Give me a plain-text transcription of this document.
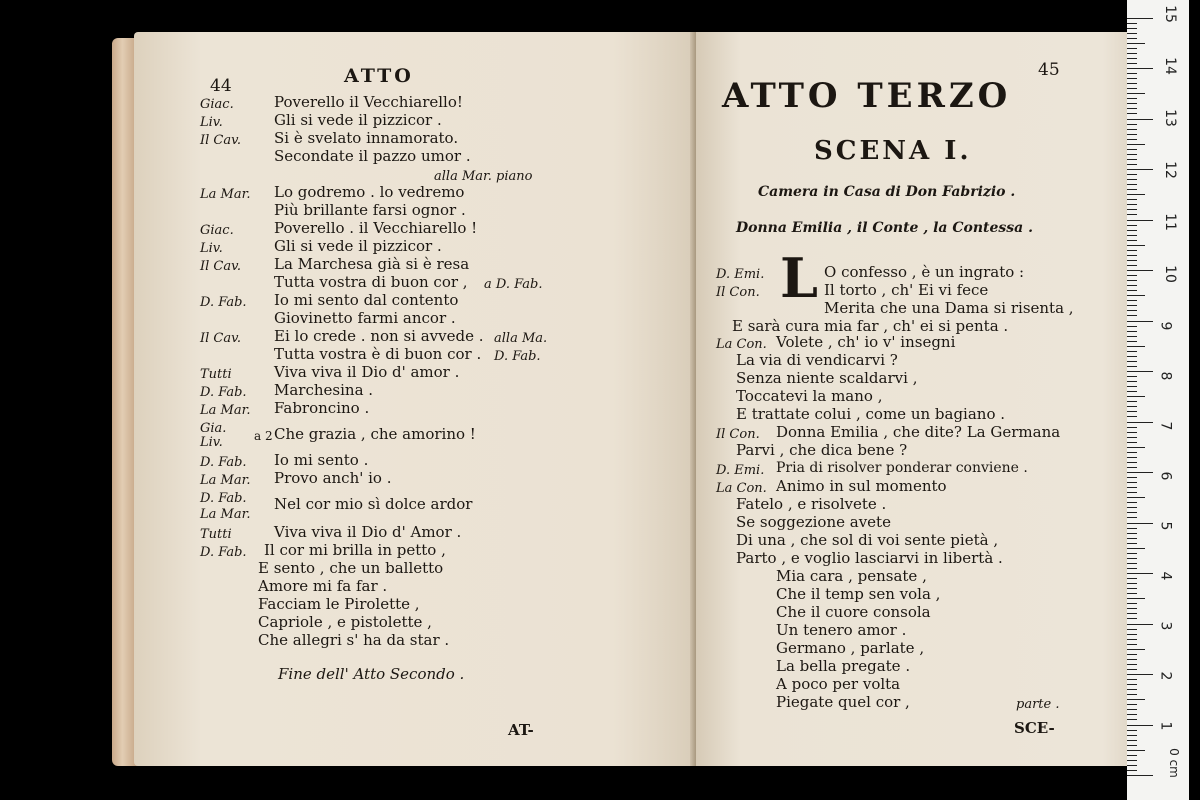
44	ATTO
Giac.	Poverello il Vecchiarello!
Liv.	Gli si vede il pizzicor .
Il Cav. Si è svelato innamorato.
Secondate il pazzo umor .
alla Mar. piano
La Mar. Lo godremo . lo vedremo
Più brillante farsi ognor .
Giac.	Poverello . il Vecchiarello !
Liv.	Gli si vede il pizzicor .
Il Cav. La Marchesa già si è resa
Tutta vostra di buon cor , a D. Fab.
D. Fab. Io mi sento dal contento
Giovinetto farmi ancor .
Il Cav. Ei lo crede . non si avvede . alla Ma.
Tutta vostra è di buon cor . D. Fab.
Tutti	Viva viva il Dio d' amor .
D. Fab. Marchesina .
La Mar. Fabroncino .
Gia.
Liv.	a 2 Che grazia , che amorino !
D. Fab. Io mi sento .
La Mar. Provo anch' io .
D. Fab.
La Mar.
Nel cor mio sì dolce ardor
Tutti	Viva viva il Dio d' Amor .
D. Fab. Il cor mi brilla in petto ,
E sento , che un balletto
Amore mi fa far .
Facciam le Pirolette ,
Capriole , e pistolette ,
Che allegri s' ha da star .
Fine dell' Atto Secondo .
AT-
45
ATTO TERZO
SCENA I.
Camera in Casa di Don Fabrizio .
Donna Emilia , il Conte , la Contessa .
L
D. Emi.	O confesso , è un ingrato :
Il Con.	Il torto , ch' Ei vi fece
Merita che una Dama si risenta ,
E sarà cura mia far , ch' ei si penta .
La Con. Volete , ch' io v' insegni
La via di vendicarvi ?
Senza niente scaldarvi ,
Toccatevi la mano ,
E trattate colui , come un bagiano .
Il Con. Donna Emilia , che dite? La Germana
Parvi , che dica bene ?
D. Emi. Pria di risolver ponderar conviene .
La Con. Animo in sul momento
Fatelo , e risolvete .
Se soggezione avete
Di una , che sol di voi sente pietà ,
Parto , e voglio lasciarvi in libertà .
Mia cara , pensate ,
Che il temp sen vola ,
Che il cuore consola
Un tenero amor .
Germano , parlate ,
La bella pregate .
A poco per volta
Piegate quel cor ,	parte .
SCE-	1
2
3
4
5
6
7
8
9
10
11
12
13
14
15
0 cm
